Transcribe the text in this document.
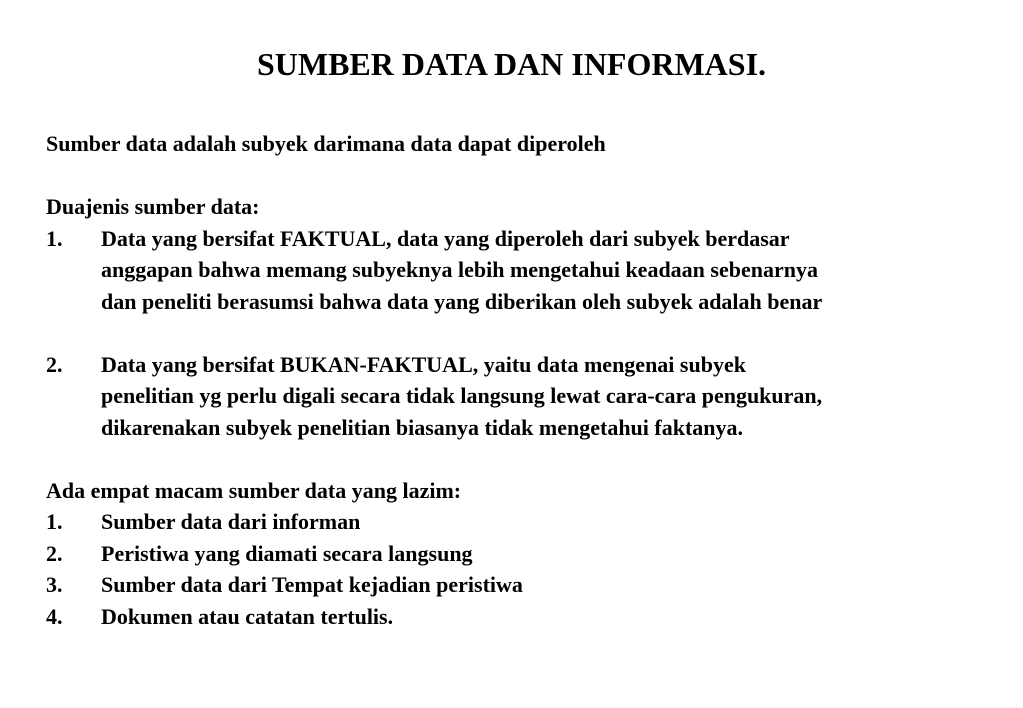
SUMBER DATA DAN INFORMASI.

Sumber data adalah subyek darimana data dapat diperoleh

Duajenis sumber data:

1.	Data yang bersifat FAKTUAL, data yang diperoleh dari subyek berdasar
anggapan bahwa memang subyeknya lebih mengetahui keadaan sebenarnya
dan peneliti berasumsi bahwa data yang diberikan oleh subyek adalah benar
2.	Data yang bersifat BUKAN-FAKTUAL, yaitu data mengenai subyek
penelitian yg perlu digali secara tidak langsung lewat cara-cara pengukuran,
dikarenakan subyek penelitian biasanya tidak mengetahui faktanya.

Ada empat macam sumber data yang lazim:

1.	Sumber data dari informan
2.	Peristiwa yang diamati secara langsung
3.	Sumber data dari Tempat kejadian peristiwa
4.	Dokumen atau catatan tertulis.
